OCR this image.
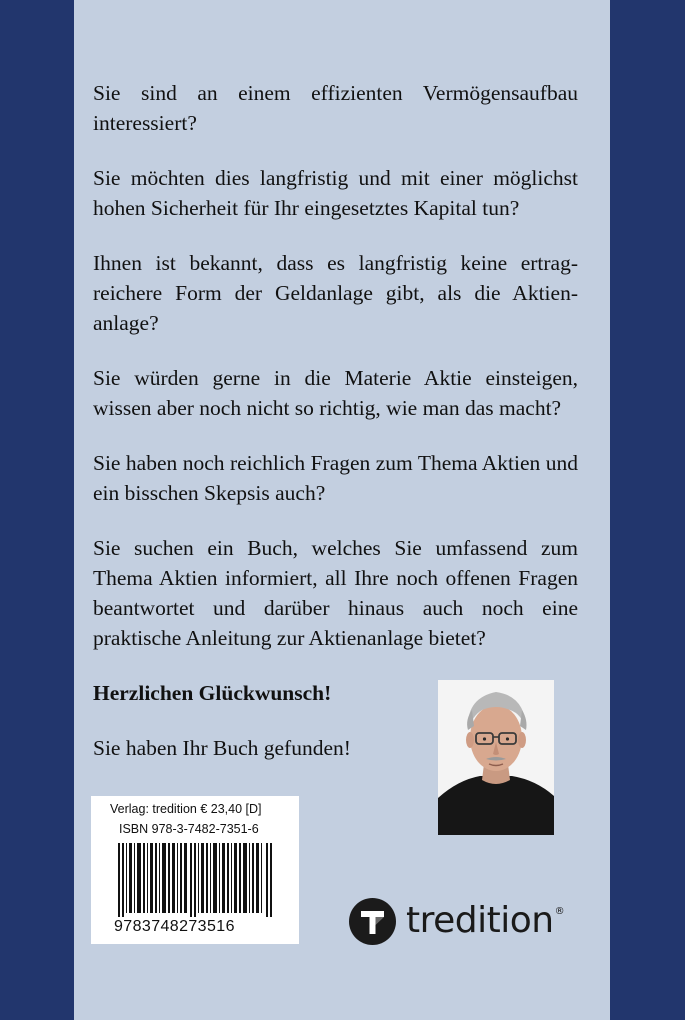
Sie sind an einem effizienten Vermögensaufbau interessiert?

Sie möchten dies langfristig und mit einer möglichst hohen Sicherheit für Ihr eingesetztes Kapital tun?

Ihnen ist bekannt, dass es langfristig keine ertrag-reichere Form der Geldanlage gibt, als die Aktien-anlage?

Sie würden gerne in die Materie Aktie einsteigen, wissen aber noch nicht so richtig, wie man das macht?

Sie haben noch reichlich Fragen zum Thema Aktien und ein bisschen Skepsis auch?

Sie suchen ein Buch, welches Sie umfassend zum Thema Aktien informiert, all Ihre noch offenen Fragen beantwortet und darüber hinaus auch noch eine praktische Anleitung zur Aktienanlage bietet?

Herzlichen Glückwunsch!

Sie haben Ihr Buch gefunden!

Verlag: tredition € 23,40 [D]
ISBN 978-3-7482-7351-6
9783748273516	tredition ®
